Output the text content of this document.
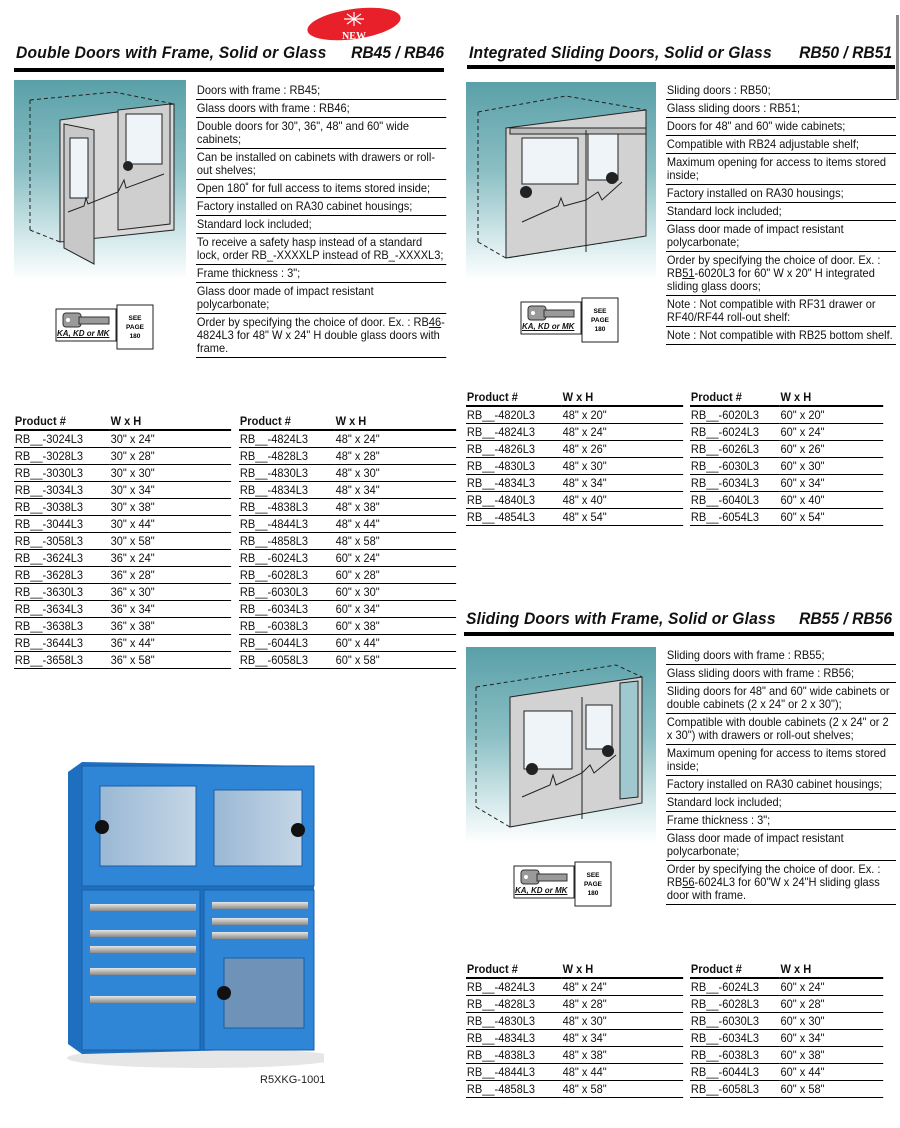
NEW
Double Doors with Frame, Solid or Glass RB45 / RB46
SEE
PAGE
180
KA, KD or MK
Doors with frame : RB45;
Glass doors with frame : RB46;
Double doors for 30", 36", 48" and 60" wide cabinets;
Can be installed on cabinets with drawers or roll-out shelves;
Open 180˚ for full access to items stored inside;
Factory installed on RA30 cabinet housings;
Standard lock included;
To receive a safety hasp instead of a standard lock, order RB_-XXXXLP instead of RB_-XXXXL3;
Frame thickness : 3";
Glass door made of impact resistant polycarbonate;
Order by specifying the choice of door. Ex. : RB46-4824L3 for 48" W x 24" H double glass doors with frame.
Product #	W x H
RB__-3024L3	30" x 24"
RB__-3028L3	30" x 28"
RB__-3030L3	30" x 30"
RB__-3034L3	30" x 34"
RB__-3038L3	30" x 38"
RB__-3044L3	30" x 44"
RB__-3058L3	30" x 58"
RB__-3624L3	36" x 24"
RB__-3628L3	36" x 28"
RB__-3630L3	36" x 30"
RB__-3634L3	36" x 34"
RB__-3638L3	36" x 38"
RB__-3644L3	36" x 44"
RB__-3658L3	36" x 58"
Product #	W x H
RB__-4824L3	48" x 24"
RB__-4828L3	48" x 28"
RB__-4830L3	48" x 30"
RB__-4834L3	48" x 34"
RB__-4838L3	48" x 38"
RB__-4844L3	48" x 44"
RB__-4858L3	48" x 58"
RB__-6024L3	60" x 24"
RB__-6028L3	60" x 28"
RB__-6030L3	60" x 30"
RB__-6034L3	60" x 34"
RB__-6038L3	60" x 38"
RB__-6044L3	60" x 44"
RB__-6058L3	60" x 58"
R5XKG-1001
Integrated Sliding Doors, Solid or Glass RB50 / RB51
SEE
PAGE
180
KA, KD or MK
Sliding doors : RB50;
Glass sliding doors : RB51;
Doors for 48" and 60" wide cabinets;
Compatible with RB24 adjustable shelf;
Maximum opening for access to items stored inside;
Factory installed on RA30 housings;
Standard lock included;
Glass door made of impact resistant polycarbonate;
Order by specifying the choice of door. Ex. : RB51-6020L3 for 60" W x 20" H integrated sliding glass doors;
Note : Not compatible with RF31 drawer or RF40/RF44 roll-out shelf:
Note : Not compatible with RB25 bottom shelf.
Product #	W x H
RB__-4820L3	48" x 20"
RB__-4824L3	48" x 24"
RB__-4826L3	48" x 26"
RB__-4830L3	48" x 30"
RB__-4834L3	48" x 34"
RB__-4840L3	48" x 40"
RB__-4854L3	48" x 54"
Product #	W x H
RB__-6020L3	60" x 20"
RB__-6024L3	60" x 24"
RB__-6026L3	60" x 26"
RB__-6030L3	60" x 30"
RB__-6034L3	60" x 34"
RB__-6040L3	60" x 40"
RB__-6054L3	60" x 54"
Sliding Doors with Frame, Solid or Glass RB55 / RB56
SEE
PAGE
180
KA, KD or MK
Sliding doors with frame : RB55;
Glass sliding doors with frame : RB56;
Sliding doors for 48" and 60" wide cabinets or double cabinets (2 x 24" or 2 x 30");
Compatible with double cabinets (2 x 24" or 2 x 30") with drawers or roll-out shelves;
Maximum opening for access to items stored inside;
Factory installed on RA30 cabinet housings;
Standard lock included;
Frame thickness : 3";
Glass door made of impact resistant polycarbonate;
Order by specifying the choice of door. Ex. : RB56-6024L3 for 60"W x 24"H sliding glass door with frame.
Product #	W x H
RB__-4824L3	48" x 24"
RB__-4828L3	48" x 28"
RB__-4830L3	48" x 30"
RB__-4834L3	48" x 34"
RB__-4838L3	48" x 38"
RB__-4844L3	48" x 44"
RB__-4858L3	48" x 58"
Product #	W x H
RB__-6024L3	60" x 24"
RB__-6028L3	60" x 28"
RB__-6030L3	60" x 30"
RB__-6034L3	60" x 34"
RB__-6038L3	60" x 38"
RB__-6044L3	60" x 44"
RB__-6058L3	60" x 58"
